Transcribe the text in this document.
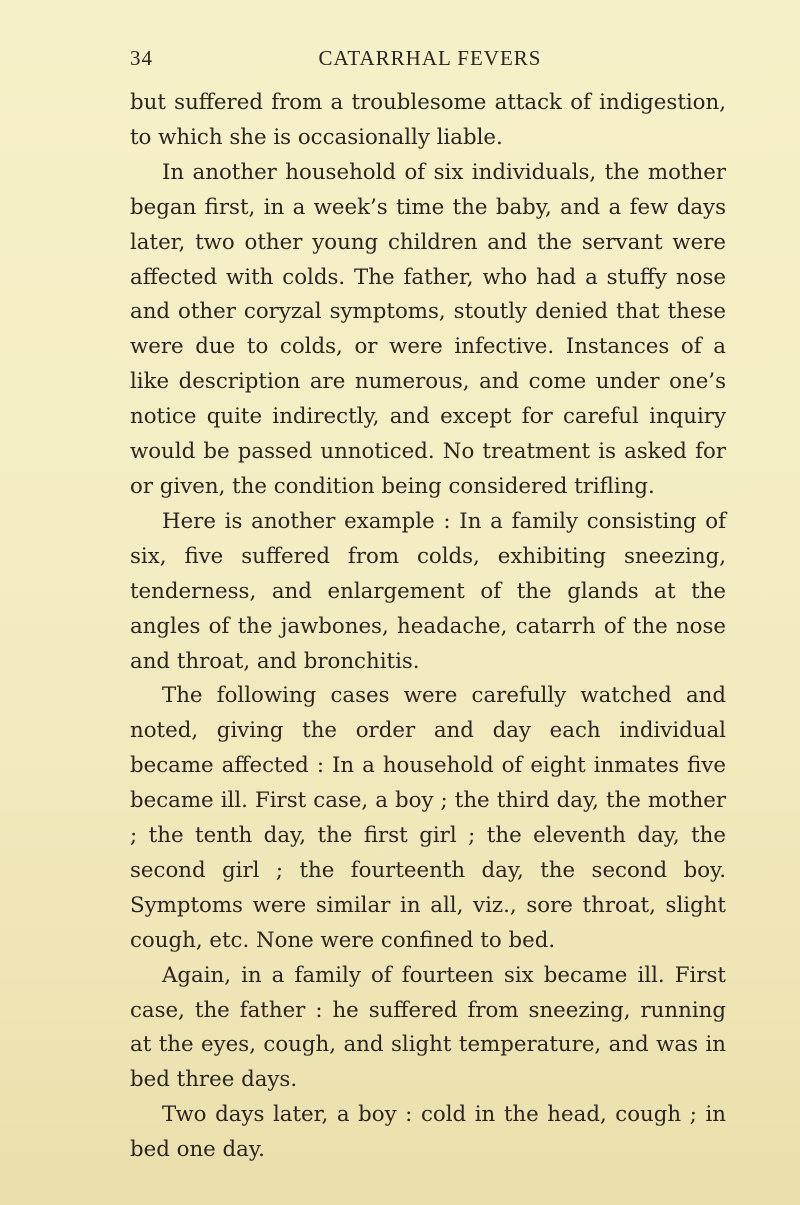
34	CATARRHAL FEVERS

but suffered from a troublesome attack of indigestion, to which she is occasionally liable.

In another household of six individuals, the mother began first, in a week’s time the baby, and a few days later, two other young children and the servant were affected with colds. The father, who had a stuffy nose and other coryzal symptoms, stoutly denied that these were due to colds, or were infective. Instances of a like description are numerous, and come under one’s notice quite indirectly, and except for careful inquiry would be passed unnoticed. No treatment is asked for or given, the condition being considered trifling.

Here is another example : In a family consisting of six, five suffered from colds, exhibiting sneezing, tenderness, and enlargement of the glands at the angles of the jawbones, headache, catarrh of the nose and throat, and bronchitis.

The following cases were carefully watched and noted, giving the order and day each individual became affected : In a household of eight inmates five became ill. First case, a boy ; the third day, the mother ; the tenth day, the first girl ; the eleventh day, the second girl ; the fourteenth day, the second boy. Symptoms were similar in all, viz., sore throat, slight cough, etc. None were confined to bed.

Again, in a family of fourteen six became ill. First case, the father : he suffered from sneezing, running at the eyes, cough, and slight temperature, and was in bed three days.

Two days later, a boy : cold in the head, cough ; in bed one day.
